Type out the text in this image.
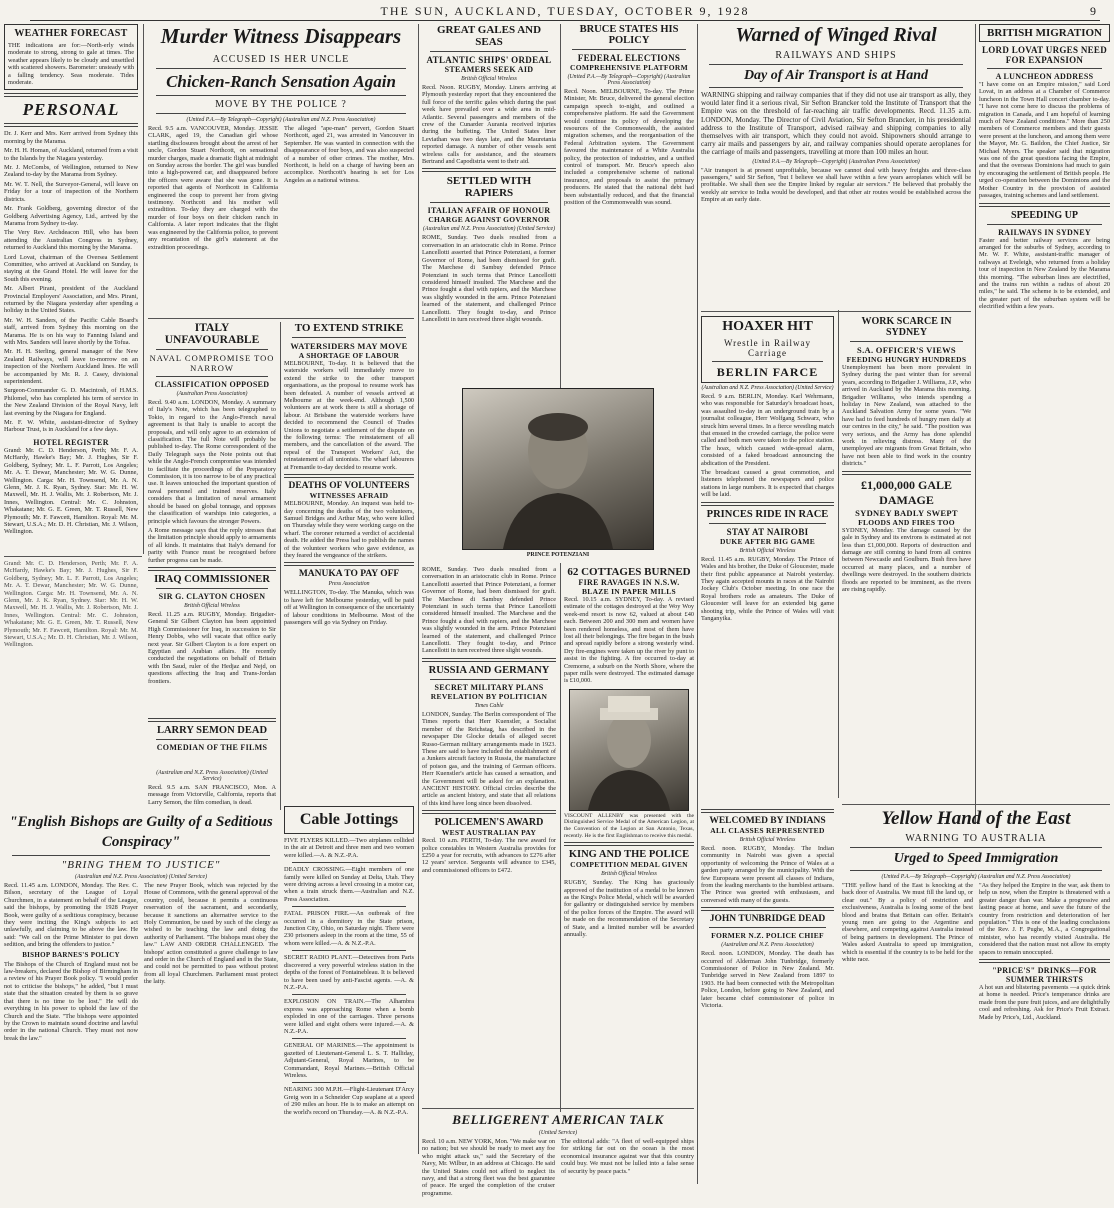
THE SUN, AUCKLAND, TUESDAY, OCTOBER 9, 1928	9
WEATHER FORECAST
THE indications are for:—North-erly winds moderate to strong, strong to gale at times. The weather appears likely to be cloudy and unsettled with scattered showers. Barometer: unsteady with a falling tendency. Seas moderate. Tides moderate.
PERSONAL

Dr. J. Kerr and Mrs. Kerr arrived from Sydney this morning by the Marama.

Mr. H. H. Homan, of Auckland, returned from a visit to the Islands by the Niagara yesterday.

Mr. J. McCombs, of Wellington, returned to New Zealand to-day by the Marama from Sydney.

Mr. W. T. Nell, the Surveyor-General, will leave on Friday for a tour of inspection of the Northern districts.

Mr. Frank Goldberg, governing director of the Goldberg Advertising Agency, Ltd., arrived by the Marama from Sydney to-day.

The Very Rev. Archdeacon Hill, who has been attending the Australian Congress in Sydney, returned to Auckland this morning by the Marama.

Lord Lovat, chairman of the Oversea Settlement Committee, who arrived at Auckland on Sunday, is staying at the Grand Hotel. He will leave for the South this evening.

Mr. Albert Pirani, president of the Auckland Provincial Employers' Association, and Mrs. Pirani, returned by the Niagara yesterday after spending a holiday in the United States.

Mr. W. H. Sanders, of the Pacific Cable Board's staff, arrived from Sydney this morning on the Marama. He is on his way to Fanning Island and with Mrs. Sanders will leave shortly by the Tofua.

Mr. H. H. Sterling, general manager of the New Zealand Railways, will leave to-morrow on an inspection of the Northern Auckland lines. He will be accompanied by Mr. R. J. Casey, divisional superintendent.

Surgeon-Commander G. D. Macintosh, of H.M.S. Philomel, who has completed his term of service in the New Zealand Division of the Royal Navy, left last evening by the Niagara for England.

Mr. F. W. White, assistant-director of Sydney Harbour Trust, is in Auckland for a few days.

HOTEL REGISTER
Grand: Mr. C. D. Henderson, Perth; Mr. F. A. McHardy, Hawke's Bay; Mr. J. Hughes, Sir F. Goldberg, Sydney; Mr. L. F. Parrott, Los Angeles; Mr. A. T. Dewar, Manchester; Mr. W. G. Dunne, Wellington. Carga: Mr. H. Townsend, Mr. A. N. Glenn, Mr. J. K. Ryan, Sydney. Star: Mr. H. W. Maxwell, Mr. H. J. Wallis, Mr. J. Robertson, Mr. J. Innes, Wellington. Central: Mr. C. Johnston, Whakatane; Mr. G. E. Green, Mr. T. Russell, New Plymouth; Mr. F. Fawcett, Hamilton. Royal: Mr. M. Stewart, U.S.A.; Mr. D. H. Christian, Mr. J. Wilson, Wellington.
Murder Witness Disappears
ACCUSED IS HER UNCLE
Chicken-Ranch Sensation Again
MOVE BY THE POLICE ?
(United P.A.—By Telegraph—Copyright) (Australian and N.Z. Press Association)
Recd. 9.5 a.m. VANCOUVER, Monday. JESSIE CLARK, aged 19, the Canadian girl whose startling disclosures brought about the arrest of her uncle, Gordon Stuart Northcott, on sensational murder charges, made a dramatic flight at midnight on Sunday across the border. The girl was bundled into a high-powered car, and disappeared before the officers were aware that she was gone. It is reported that agents of Northcott in California engineered the coup to prevent her from giving testimony. Northcott and his mother will extradition. To-day they are charged with the murder of four boys on their chicken ranch in California. A later report indicates that the flight was engineered by the California police, to prevent any recantation of the girl's statement at the extradition proceedings.
The alleged "ape-man" pervert, Gordon Stuart Northcott, aged 21, was arrested in Vancouver in September. He was wanted in connection with the disappearance of four boys, and was also suspected of a number of other crimes. The mother, Mrs. Northcott, is held on a charge of having been an accomplice. Northcott's hearing is set for Los Angeles as a national witness.
ITALY UNFAVOURABLE
NAVAL COMPROMISE TOO NARROW
CLASSIFICATION OPPOSED
(Australian Press Association)
Recd. 9.40 a.m. LONDON, Monday. A summary of Italy's Note, which has been telegraphed to Tokio, in regard to the Anglo-French naval agreement is that Italy is unable to accept the proposals, and will only agree to an extension of classification. The full Note will probably be published to-day. The Rome correspondent of the Daily Telegraph says the Note points out that while the Anglo-French compromise was intended to facilitate the proceedings of the Preparatory Commission, it is too narrow to be of any practical use. It leaves untouched the important question of naval personnel and trained reserves. Italy considers that a limitation of naval armament should be based on global tonnage, and opposes the classification of warships into categories, a principle which favours the stronger Powers.
A Rome message says that the reply stresses that the limitation principle should apply to armaments of all kinds. It maintains that Italy's demand for parity with France must be recognised before further progress can be made.
IRAQ COMMISSIONER
SIR G. CLAYTON CHOSEN
British Official Wireless
Recd. 11.25 a.m. RUGBY, Monday. Brigadier-General Sir Gilbert Clayton has been appointed High Commissioner for Iraq, in succession to Sir Henry Dobbs, who will vacate that office early next year. Sir Gilbert Clayton is a fore expert on Egyptian and Arabian affairs. He recently conducted the negotiations on behalf of Britain with Ibn Saud, ruler of the Hedjaz and Nejd, on questions affecting the Iraq and Trans-Jordan frontiers.
LARRY SEMON DEAD
COMEDIAN OF THE FILMS
(Australian and N.Z. Press Association) (United Service)
Recd. 9.5 a.m. SAN FRANCISCO, Mon. A message from Victorville, California, reports that Larry Semon, the film comedian, is dead.
TO EXTEND STRIKE
WATERSIDERS MAY MOVE
A SHORTAGE OF LABOUR
MELBOURNE, To-day. It is believed that the waterside workers will immediately move to extend the strike to the other transport organisations, as the proposal to resume work has been defeated. A number of vessels arrived at Melbourne at the week-end. Although 1,500 volunteers are at work there is still a shortage of labour. At Brisbane the waterside workers have decided to recommend the Council of Trades Unions to negotiate a settlement of the dispute on the following terms: The reinstatement of all members, and the cancellation of the award. The repeal of the Transport Workers' Act, the reinstatement of all unionists. The wharf labourers at Fremantle to-day decided to resume work.
DEATHS OF VOLUNTEERS
WITNESSES AFRAID
MELBOURNE, Monday. An inquest was held to-day concerning the deaths of the two volunteers, Samuel Bridges and Arthur May, who were killed on Thursday while they were working cargo on the wharf. The coroner returned a verdict of accidental death. He added the Press had to publish the names of the volunteer workers who gave evidence, as they feared the vengeance of the strikers.
MANUKA TO PAY OFF
Press Association
WELLINGTON, To-day. The Manuka, which was to have left for Melbourne yesterday, will be paid off at Wellington in consequence of the uncertainty of labour conditions in Melbourne. Most of the passengers will go via Sydney on Friday.
Cable Jottings

FIVE FLYERS KILLED.—Two airplanes collided in the air at Detroit and three men and two women were killed.—A. & N.Z.-P.A.

DEADLY CROSSING.—Eight members of one family were killed on Sunday at Delta, Utah. They were driving across a level crossing in a motor car, when a train struck them.—Australian and N.Z. Press Association.

FATAL PRISON FIRE.—An outbreak of fire occurred in a dormitory in the State prison, Junction City, Ohio, on Saturday night. There were 230 prisoners asleep in the room at the time, 55 of whom were killed.—A. & N.Z.-P.A.

SECRET RADIO PLANT.—Detectives from Paris discovered a very powerful wireless station in the depths of the forest of Fontainebleau. It is believed to have been used by anti-Fascist agents. —A. & N.Z.-P.A.

EXPLOSION ON TRAIN.—The Alhambra express was approaching Rome when a bomb exploded in one of the carriages. Three persons were killed and eight others were injured.—A. & N.Z.-P.A.

GENERAL OF MARINES.—The appointment is gazetted of Lieutenant-General L. S. T. Halliday, Adjutant-General, Royal Marines, to be Commandant, Royal Marines.—British Official Wireless.

NEARING 300 M.P.H.—Flight-Lieutenant D'Arcy Greig won in a Schneider Cup seaplane at a speed of 290 miles an hour. He is to make an attempt on the world's record on Thursday.—A. & N.Z.-P.A.

"English Bishops are Guilty of a Seditious Conspiracy"
"BRING THEM TO JUSTICE"
(Australian and N.Z. Press Association) (United Service)
Recd. 11.45 a.m. LONDON, Monday. The Rev. C. Bilson, secretary of the League of Loyal Churchmen, in a statement on behalf of the League, said the bishops, by promoting the 1928 Prayer Book, were guilty of a seditious conspiracy, because they were inciting the King's subjects to act unlawfully, and claiming to be above the law. He said: "We call on the Prime Minister to put down sedition, and bring the offenders to justice."
BISHOP BARNES'S POLICY
The Bishops of the Church of England must not be law-breakers, declared the Bishop of Birmingham in a review of his Prayer Book policy. "I would prefer not to criticise the bishops," he added, "but I must state that the situation created by them is so grave that there is no time to be lost." He will do everything in his power to uphold the law of the Church and the State. "The bishops were appointed by the Crown to maintain sound doctrine and lawful order in the national Church. They must not now break the law."
The new Prayer Book, which was rejected by the House of Commons, with the general approval of the country, could, because it permits a continuous reservation of the sacrament, and secondarily, because it sanctions an alternative service to the Holy Communion, be used by such of the clergy as wished to be teaching the law and doing the authority of Parliament. "The bishops must obey the law." LAW AND ORDER CHALLENGED. The bishops' action constituted a grave challenge to law and order in the Church of England and in the State, and could not be permitted to pass without protest from all loyal Churchmen. Parliament must protect the laity.
Grand: Mr. C. D. Henderson, Perth; Mr. F. A. McHardy, Hawke's Bay; Mr. J. Hughes, Sir F. Goldberg, Sydney; Mr. L. F. Parrott, Los Angeles; Mr. A. T. Dewar, Manchester; Mr. W. G. Dunne, Wellington. Carga: Mr. H. Townsend, Mr. A. N. Glenn, Mr. J. K. Ryan, Sydney. Star: Mr. H. W. Maxwell, Mr. H. J. Wallis, Mr. J. Robertson, Mr. J. Innes, Wellington. Central: Mr. C. Johnston, Whakatane; Mr. G. E. Green, Mr. T. Russell, New Plymouth; Mr. F. Fawcett, Hamilton. Royal: Mr. M. Stewart, U.S.A.; Mr. D. H. Christian, Mr. J. Wilson, Wellington.
GREAT GALES AND SEAS
ATLANTIC SHIPS' ORDEAL
STEAMERS SEEK AID
British Official Wireless
Recd. Noon. RUGBY, Monday. Liners arriving at Plymouth yesterday report that they encountered the full force of the terrific gales which during the past week have prevailed over a wide area in mid-Atlantic. Several passengers and members of the crew of the Cunarder Aurania received injuries during the buffeting. The United States liner Leviathan was two days late, and the Mauretania reported damage. A number of other vessels sent wireless calls for assistance, and the steamers Bertrand and Capodistria went to their aid.
SETTLED WITH RAPIERS
ITALIAN AFFAIR OF HONOUR
CHARGE AGAINST GOVERNOR
(Australian and N.Z. Press Association) (United Service)
ROME, Sunday. Two duels resulted from a conversation in an aristocratic club in Rome. Prince Lancellotti asserted that Prince Potenziani, a former Governor of Rome, had been dismissed for graft. The Marchese di Sambuy defended Prince Potenziani in such terms that Prince Lancellotti considered himself insulted. The Marchese and the Prince fought a duel with rapiers, and the Marchese was slightly wounded in the arm. Prince Potenziani learned of the statement, and challenged Prince Lancellotti. They fought to-day, and Prince Lancellotti in turn received three slight wounds.
PRINCE POTENZIANI
ROME, Sunday. Two duels resulted from a conversation in an aristocratic club in Rome. Prince Lancellotti asserted that Prince Potenziani, a former Governor of Rome, had been dismissed for graft. The Marchese di Sambuy defended Prince Potenziani in such terms that Prince Lancellotti considered himself insulted. The Marchese and the Prince fought a duel with rapiers, and the Marchese was slightly wounded in the arm. Prince Potenziani learned of the statement, and challenged Prince Lancellotti. They fought to-day, and Prince Lancellotti in turn received three slight wounds.
RUSSIA AND GERMANY
SECRET MILITARY PLANS
REVELATION BY POLITICIAN
Times Cable
LONDON, Sunday. The Berlin correspondent of The Times reports that Herr Kuenstler, a Socialist member of the Reichstag, has described in the newspaper Die Glocke details of alleged secret Russo-German military arrangements made in 1923. These are said to have included the establishment of a Junkers aircraft factory in Russia, the manufacture of poison gas, and the training of German officers. Herr Kuenstler's article has caused a sensation, and the Government will be asked for an explanation. ANCIENT HISTORY. Official circles describe the article as ancient history, and state that all relations of this kind have long since been dissolved.
POLICEMEN'S AWARD
WEST AUSTRALIAN PAY
Recd. 10 a.m. PERTH, To-day. The new award for police constables in Western Australia provides for £250 a year for recruits, with advances to £276 after 12 years' service. Sergeants will advance to £345, and commissioned officers to £472.
BRUCE STATES HIS POLICY
FEDERAL ELECTIONS
COMPREHENSIVE PLATFORM
(United P.A.—By Telegraph—Copyright) (Australian Press Association)
Recd. Noon. MELBOURNE, To-day. The Prime Minister, Mr. Bruce, delivered the general election campaign speech to-night, and outlined a comprehensive platform. He said the Government would continue its policy of developing the resources of the Commonwealth, the assisted migration schemes, and the reorganisation of the Federal Arbitration system. The Government favoured the maintenance of a White Australia policy, the protection of industries, and a unified control of transport. Mr. Bruce's speech also included a comprehensive scheme of national insurance, and proposals to assist the primary producers. He stated that the national debt had been substantially reduced, and that the financial position of the Commonwealth was sound.
62 COTTAGES BURNED
FIRE RAVAGES IN N.S.W.
BLAZE IN PAPER MILLS
Recd. 10.15 a.m. SYDNEY, To-day. A revised estimate of the cottages destroyed at the Woy Woy week-end resort is now 62, valued at about £40 each. Between 200 and 300 men and women have been rendered homeless, and most of them have lost all their belongings. The fire began in the bush and spread rapidly before a strong westerly wind. Dry fire-engines were taken up the river by punt to assist in the fighting. A fire occurred to-day at Cremorne, a suburb on the North Shore, where the paper mills were destroyed. The estimated damage is £10,000.
VISCOUNT ALLENBY was presented with the Distinguished Service Medal of the American Legion, at the Convention of the Legion at San Antonio, Texas, recently. He is the first Englishman to receive this medal.
KING AND THE POLICE
COMPETITION MEDAL GIVEN
British Official Wireless
RUGBY, Sunday. The King has graciously approved of the institution of a medal to be known as the King's Police Medal, which will be awarded for gallantry or distinguished service by members of the police forces of the Empire. The award will be made on the recommendation of the Secretary of State, and a limited number will be awarded annually.
Warned of Winged Rival
RAILWAYS AND SHIPS
Day of Air Transport is at Hand
WARNING shipping and railway companies that if they did not use air transport as ally, they would later find it a serious rival, Sir Sefton Brancker told the Institute of Transport that the Empire was on the threshold of far-reaching air traffic developments. Recd. 11.35 a.m. LONDON, Monday. The Director of Civil Aviation, Sir Sefton Brancker, in his presidential address to the Institute of Transport, advised railway and shipping companies to ally themselves with air transport, which they could not avoid. Shipowners should arrange to carry air mails and passengers by air, and railway companies should operate aeroplanes for the carriage of mails and passengers, travelling at more than 100 miles an hour.
(United P.A.—By Telegraph—Copyright) (Australian Press Association)
"Air transport is at present unprofitable, because we cannot deal with heavy freights and three-class passengers," said Sir Sefton, "but I believe we shall have within a few years aeroplanes which will be profitable. We shall then see the Empire linked by regular air services." He believed that probably the weekly air service to India would be developed, and that other air routes would be established across the Empire at an early date.
HOAXER HIT
Wrestle in Railway Carriage
BERLIN FARCE
(Australian and N.Z. Press Association) (United Service)
Recd. 9 a.m. BERLIN, Monday. Karl Wehrmann, who was responsible for Saturday's broadcast hoax, was assaulted to-day in an underground train by a journalist colleague, Herr Wolfgang Schwarz, who struck him several times. In a fierce wrestling match that ensued in the crowded carriage, the police were called and both men were taken to the police station. The hoax, which caused wide-spread alarm, consisted of a faked broadcast announcing the abdication of the President.
The broadcast caused a great commotion, and listeners telephoned the newspapers and police stations in large numbers. It is expected that charges will be laid.
PRINCES RIDE IN RACE
STAY AT NAIROBI
DUKE AFTER BIG GAME
British Official Wireless
Recd. 11.45 a.m. RUGBY, Monday. The Prince of Wales and his brother, the Duke of Gloucester, made their first public appearance at Nairobi yesterday. They again accepted mounts in races at the Nairobi Jockey Club's October meeting. In one race the Royal brothers rode as amateurs. The Duke of Gloucester will leave for an extended big game shooting trip, while the Prince of Wales will visit Tanganyika.
WORK SCARCE IN SYDNEY
S.A. OFFICER'S VIEWS
FEEDING HUNGRY HUNDREDS
Unemployment has been more prevalent in Sydney during the past winter than for several years, according to Brigadier J. Williams, J.P., who arrived in Auckland by the Marama this morning. Brigadier Williams, who intends spending a holiday in New Zealand, was attached to the Auckland Salvation Army for some years. "We have had to feed hundreds of hungry men daily at our centres in the city," he said. "The position was very serious, and the Army has done splendid work in relieving distress. Many of the unemployed are migrants from Great Britain, who have not been able to find work in the country districts."
£1,000,000 GALE DAMAGE
SYDNEY BADLY SWEPT
FLOODS AND FIRES TOO
SYDNEY, Monday. The damage caused by the gale in Sydney and its environs is estimated at not less than £1,000,000. Reports of destruction and damage are still coming to hand from all centres between Newcastle and Goulburn. Bush fires have occurred at many places, and a number of dwellings were destroyed. In the southern districts floods are reported to be imminent, as the rivers are rising rapidly.
BRITISH MIGRATION
LORD LOVAT URGES NEED FOR EXPANSION
A LUNCHEON ADDRESS
"I have come on an Empire mission," said Lord Lovat, in an address at a Chamber of Commerce luncheon in the Town Hall concert chamber to-day. "I have not come here to discuss the problems of migration in Canada, and I am hopeful of learning much of New Zealand conditions." More than 250 members of Commerce members and their guests were present at the luncheon, and among them were the Mayor, Mr. G. Baildon, the Chief Justice, Sir Michael Myers. The speaker said that migration was one of the great questions facing the Empire, and that the overseas Dominions had much to gain by encouraging the settlement of British people. He urged co-operation between the Dominions and the Mother Country in the provision of assisted passages, training schemes and land settlement.
SPEEDING UP
RAILWAYS IN SYDNEY
Faster and better railway services are being arranged for the suburbs of Sydney, according to Mr. W. F. White, assistant-traffic manager of railways at Eveleigh, who returned from a holiday tour of inspection in New Zealand by the Marama this morning. "The suburban lines are electrified, and the trains run within a radius of about 20 miles," he said. The scheme is to be extended, and the greater part of the suburban system will be electrified within a few years.
WELCOMED BY INDIANS
ALL CLASSES REPRESENTED
British Official Wireless
Recd. noon. RUGBY, Monday. The Indian community in Nairobi was given a special opportunity of welcoming the Prince of Wales at a garden party arranged by the municipality. With the few Europeans were present all classes of Indians, from the leading merchants to the humblest artisans. The Prince was greeted with enthusiasm, and conversed with many of the guests.
JOHN TUNBRIDGE DEAD
FORMER N.Z. POLICE CHIEF
(Australian and N.Z. Press Association)
Recd. noon. LONDON, Monday. The death has occurred of Alderman John Tunbridge, formerly Commissioner of Police in New Zealand. Mr. Tunbridge served in New Zealand from 1897 to 1903. He had been connected with the Metropolitan Police, London, before going to New Zealand, and later became chief commissioner of police in Victoria.
Yellow Hand of the East
WARNING TO AUSTRALIA
Urged to Speed Immigration
(United P.A.—By Telegraph—Copyright) (Australian and N.Z. Press Association)
"THE yellow hand of the East is knocking at the back door of Australia. We must fill the land up, or clear out." By a policy of restriction and exclusiveness, Australia is losing some of the best blood and brains that Britain can offer. Britain's young men are going to the Argentine and elsewhere, and competing against Australia instead of being partners in development. The Prince of Wales asked Australia to speed up immigration, which is essential if the country is to be held for the white race.
"As they helped the Empire in the war, ask them to help us now, when the Empire is threatened with a greater danger than war. Make a progressive and lasting peace at home, and save the future of the country from restriction and deterioration of her population." This is one of the leading conclusions of the Rev. J. F. Pughe, M.A., a Congregational minister, who has recently visited Australia. He considered that the nation must not allow its empty spaces to remain unoccupied.
"PRICE'S" DRINKS—FOR SUMMER THIRSTS
A hot sun and blistering pavements —a quick drink at home is needed. Price's temperance drinks are made from the pure fruit juices, and are delightfully cool and refreshing. Ask for Price's Fruit Extract. Made by Price's, Ltd., Auckland.
BELLIGERENT AMERICAN TALK
(United Service)
Recd. 10 a.m. NEW YORK, Mon. "We make war on no nation; but we should be ready to meet any foe who might attack us," said the Secretary of the Navy, Mr. Wilbur, in an address at Chicago. He said the United States could not afford to neglect its navy, and that a strong fleet was the best guarantee of peace. He urged the completion of the cruiser programme.
The editorial adds: "A fleet of well-equipped ships for striking far out on the ocean is the most economical insurance against war that this country could buy. We must not be lulled into a false sense of security by peace pacts."
